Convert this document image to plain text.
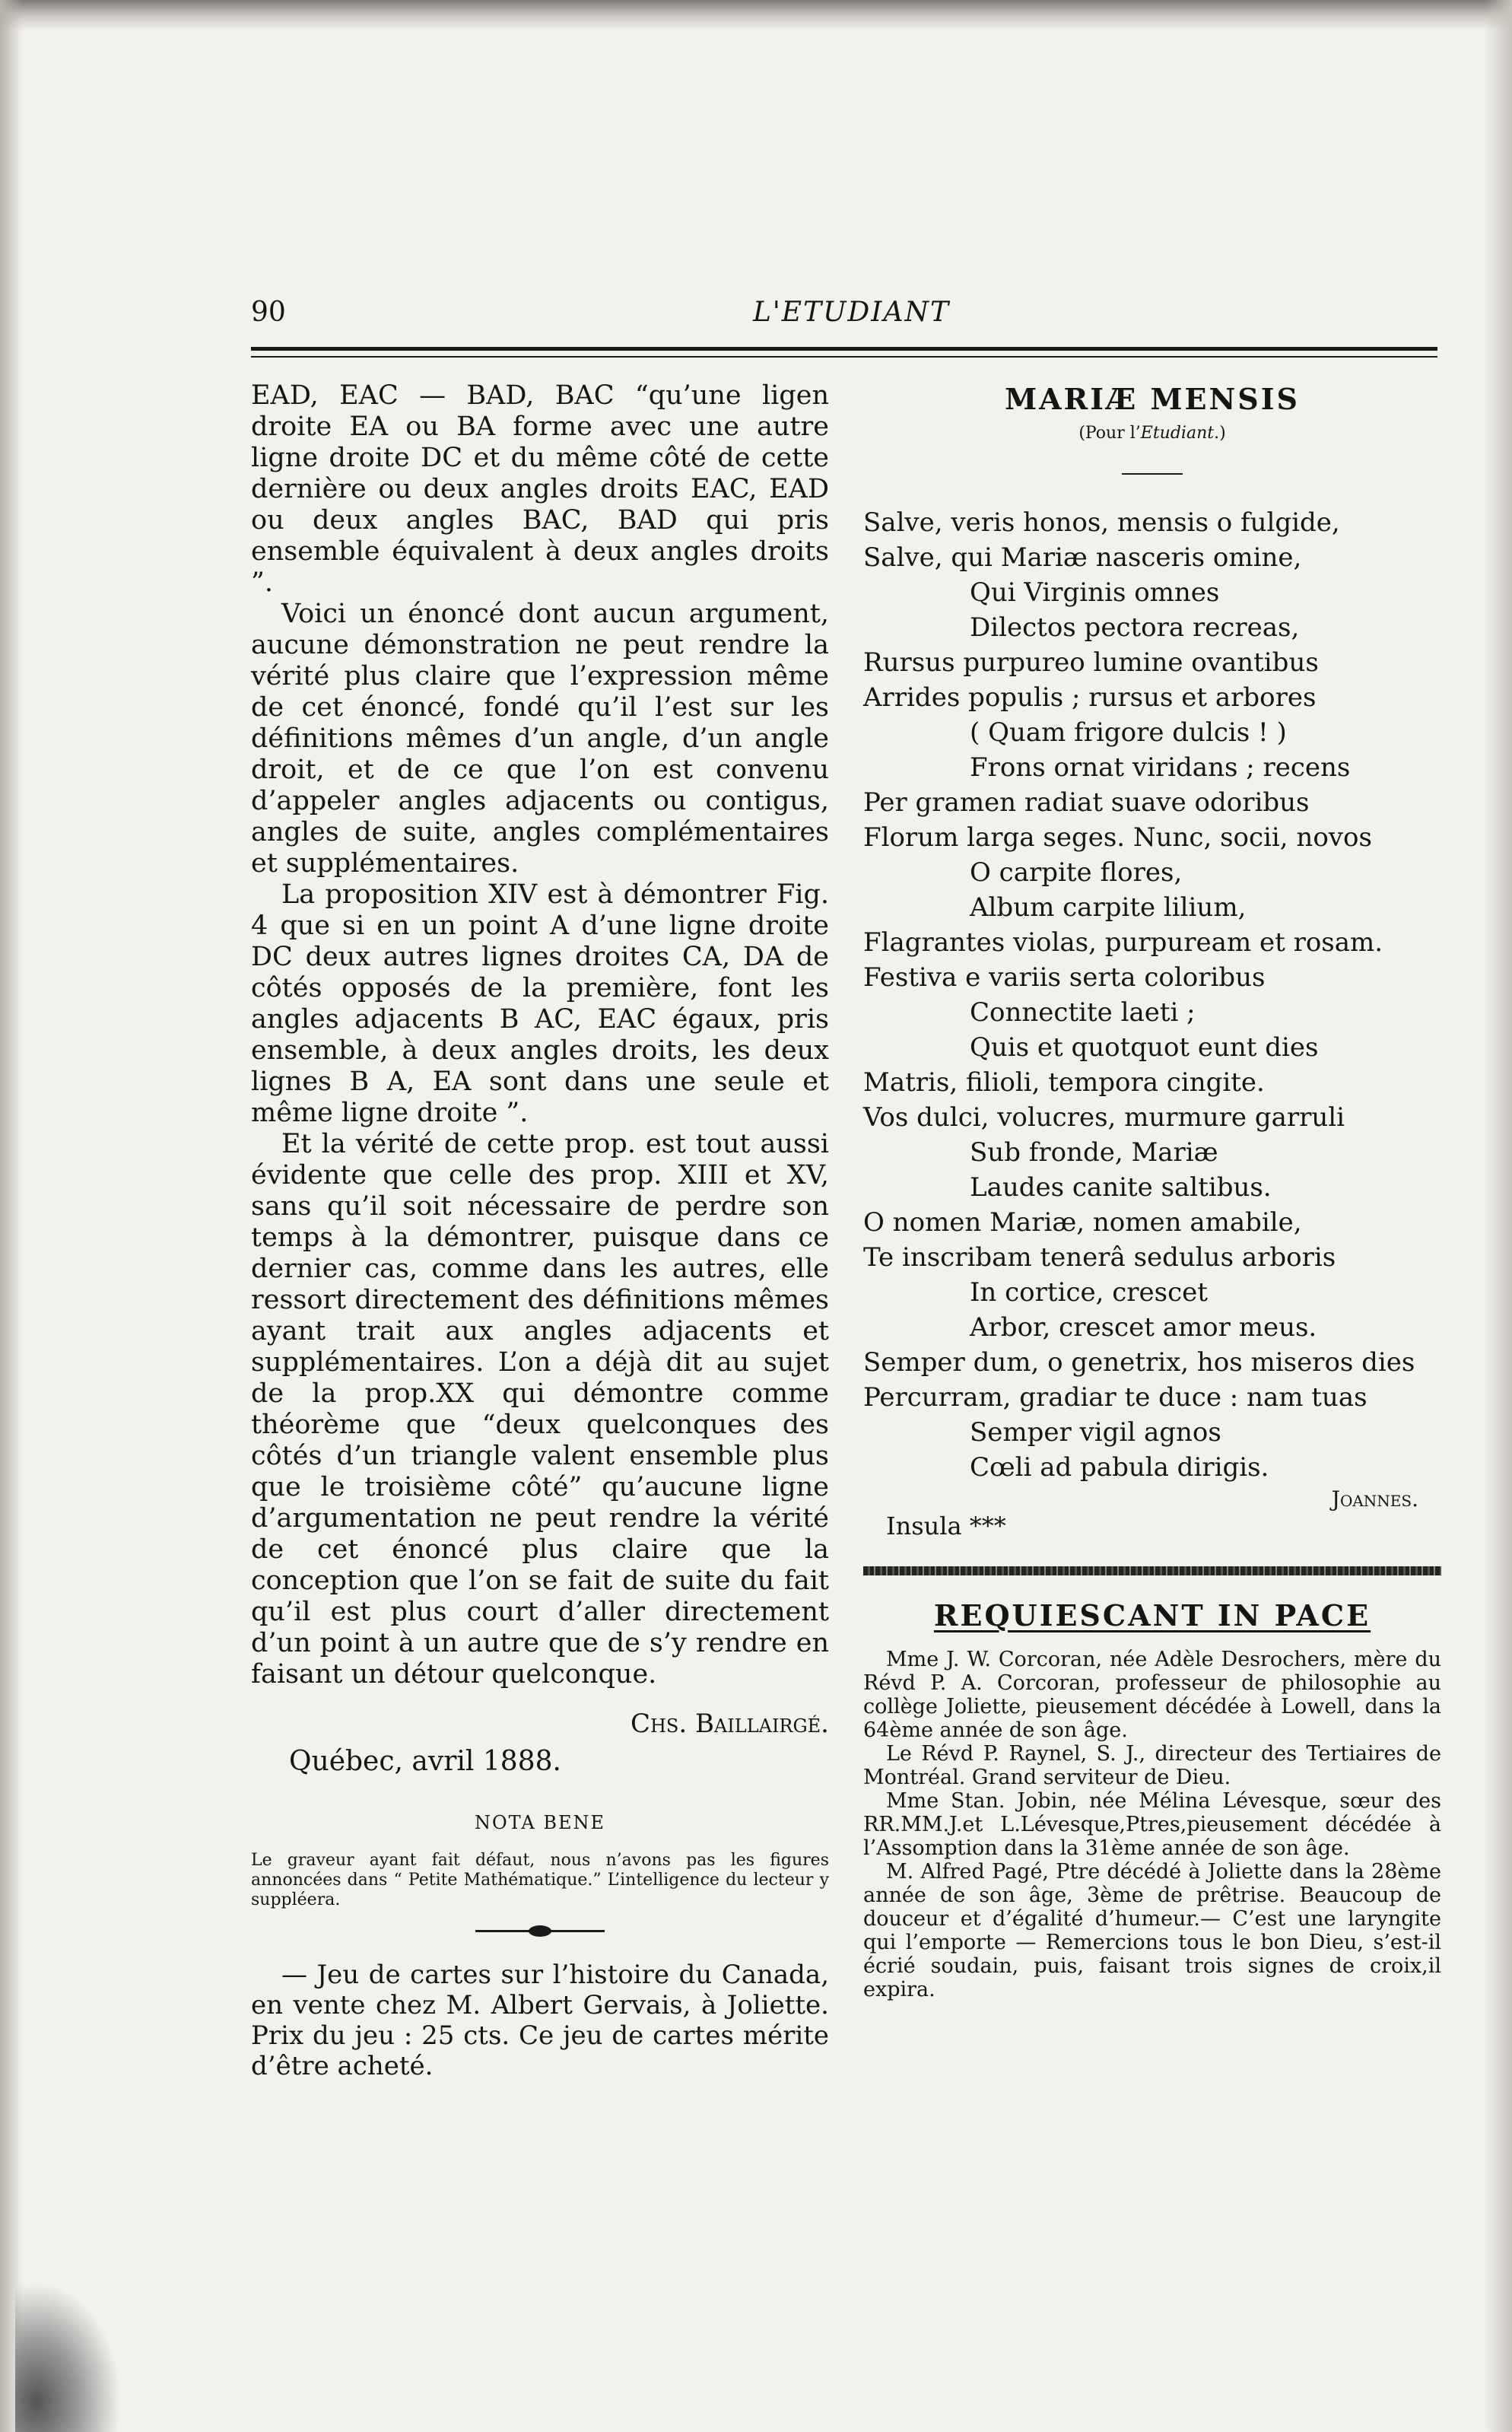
90	L'ETUDIANT

EAD, EAC — BAD, BAC “qu’une ligen droite EA ou BA forme avec une autre ligne droite DC et du même côté de cette dernière ou deux angles droits EAC, EAD ou deux angles BAC, BAD qui pris ensemble équivalent à deux angles droits ”.

Voici un énoncé dont aucun argument, aucune démonstration ne peut rendre la vérité plus claire que l’expression même de cet énoncé, fondé qu’il l’est sur les définitions mêmes d’un angle, d’un angle droit, et de ce que l’on est convenu d’appeler angles adjacents ou contigus, angles de suite, angles complémentaires et supplémentaires.

La proposition XIV est à démontrer Fig. 4 que si en un point A d’une ligne droite DC deux autres lignes droites CA, DA de côtés opposés de la première, font les angles adjacents B AC, EAC égaux, pris ensemble, à deux angles droits, les deux lignes B A, EA sont dans une seule et même ligne droite ”.

Et la vérité de cette prop. est tout aussi évidente que celle des prop. XIII et XV, sans qu’il soit nécessaire de perdre son temps à la démontrer, puisque dans ce dernier cas, comme dans les autres, elle ressort directement des définitions mêmes ayant trait aux angles adjacents et supplémentaires. L’on a déjà dit au sujet de la prop.XX qui démontre comme théorème que “deux quelconques des côtés d’un triangle valent ensemble plus que le troisième côté” qu’aucune ligne d’argumentation ne peut rendre la vérité de cet énoncé plus claire que la conception que l’on se fait de suite du fait qu’il est plus court d’aller directement d’un point à un autre que de s’y rendre en faisant un détour quelconque.

Chs. Baillairgé.
Québec, avril 1888.
NOTA BENE
Le graveur ayant fait défaut, nous n’avons pas les figures annoncées dans “ Petite Mathématique.” L’intelligence du lecteur y suppléera.
— Jeu de cartes sur l’histoire du Canada, en vente chez M. Albert Gervais, à Joliette. Prix du jeu : 25 cts. Ce jeu de cartes mérite d’être acheté.
MARIÆ MENSIS
(Pour l’Etudiant.)
Salve, veris honos, mensis o fulgide,
Salve, qui Mariæ nasceris omine,
Qui Virginis omnes
Dilectos pectora recreas,
Rursus purpureo lumine ovantibus
Arrides populis ; rursus et arbores
( Quam frigore dulcis ! )
Frons ornat viridans ; recens
Per gramen radiat suave odoribus
Florum larga seges. Nunc, socii, novos
O carpite flores,
Album carpite lilium,
Flagrantes violas, purpuream et rosam.
Festiva e variis serta coloribus
Connectite laeti ;
Quis et quotquot eunt dies
Matris, filioli, tempora cingite.
Vos dulci, volucres, murmure garruli
Sub fronde, Mariæ
Laudes canite saltibus.
O nomen Mariæ, nomen amabile,
Te inscribam tenerâ sedulus arboris
In cortice, crescet
Arbor, crescet amor meus.
Semper dum, o genetrix, hos miseros dies
Percurram, gradiar te duce : nam tuas
Semper vigil agnos
Cœli ad pabula dirigis.
Joannes.
Insula ***
REQUIESCANT IN PACE

Mme J. W. Corcoran, née Adèle Desrochers, mère du Révd P. A. Corcoran, professeur de philosophie au collège Joliette, pieusement décédée à Lowell, dans la 64ème année de son âge.

Le Révd P. Raynel, S. J., directeur des Tertiaires de Montréal. Grand serviteur de Dieu.

Mme Stan. Jobin, née Mélina Lévesque, sœur des RR.MM.J.et L.Lévesque,Ptres,pieusement décédée à l’Assomption dans la 31ème année de son âge.

M. Alfred Pagé, Ptre décédé à Joliette dans la 28ème année de son âge, 3ème de prêtrise. Beaucoup de douceur et d’égalité d’humeur.— C’est une laryngite qui l’emporte — Remercions tous le bon Dieu, s’est-il écrié soudain, puis, faisant trois signes de croix,il expira.
